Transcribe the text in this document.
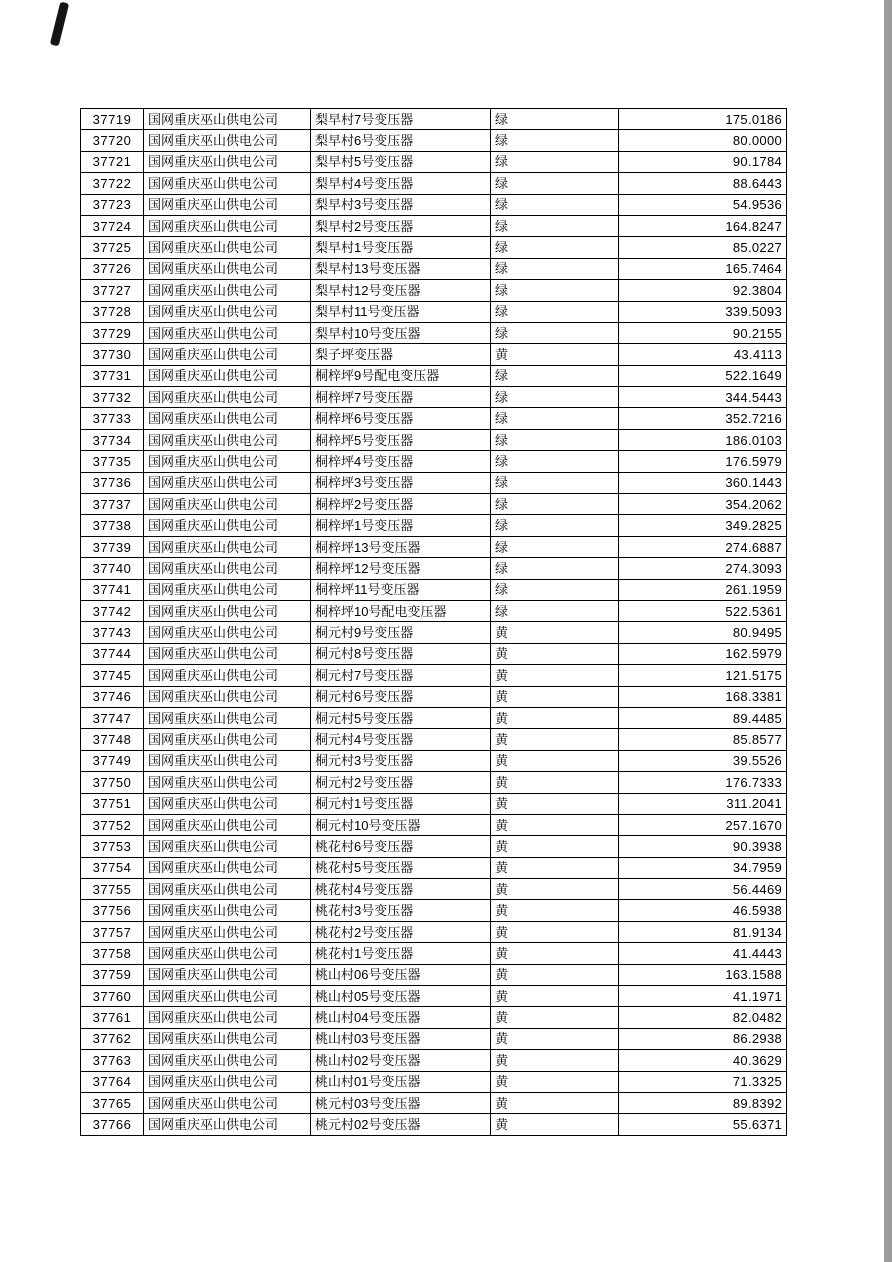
37719	国网重庆巫山供电公司	梨早村7号变压器	绿	175.0186
37720	国网重庆巫山供电公司	梨早村6号变压器	绿	80.0000
37721	国网重庆巫山供电公司	梨早村5号变压器	绿	90.1784
37722	国网重庆巫山供电公司	梨早村4号变压器	绿	88.6443
37723	国网重庆巫山供电公司	梨早村3号变压器	绿	54.9536
37724	国网重庆巫山供电公司	梨早村2号变压器	绿	164.8247
37725	国网重庆巫山供电公司	梨早村1号变压器	绿	85.0227
37726	国网重庆巫山供电公司	梨早村13号变压器	绿	165.7464
37727	国网重庆巫山供电公司	梨早村12号变压器	绿	92.3804
37728	国网重庆巫山供电公司	梨早村11号变压器	绿	339.5093
37729	国网重庆巫山供电公司	梨早村10号变压器	绿	90.2155
37730	国网重庆巫山供电公司	梨子坪变压器	黄	43.4113
37731	国网重庆巫山供电公司	桐梓坪9号配电变压器	绿	522.1649
37732	国网重庆巫山供电公司	桐梓坪7号变压器	绿	344.5443
37733	国网重庆巫山供电公司	桐梓坪6号变压器	绿	352.7216
37734	国网重庆巫山供电公司	桐梓坪5号变压器	绿	186.0103
37735	国网重庆巫山供电公司	桐梓坪4号变压器	绿	176.5979
37736	国网重庆巫山供电公司	桐梓坪3号变压器	绿	360.1443
37737	国网重庆巫山供电公司	桐梓坪2号变压器	绿	354.2062
37738	国网重庆巫山供电公司	桐梓坪1号变压器	绿	349.2825
37739	国网重庆巫山供电公司	桐梓坪13号变压器	绿	274.6887
37740	国网重庆巫山供电公司	桐梓坪12号变压器	绿	274.3093
37741	国网重庆巫山供电公司	桐梓坪11号变压器	绿	261.1959
37742	国网重庆巫山供电公司	桐梓坪10号配电变压器	绿	522.5361
37743	国网重庆巫山供电公司	桐元村9号变压器	黄	80.9495
37744	国网重庆巫山供电公司	桐元村8号变压器	黄	162.5979
37745	国网重庆巫山供电公司	桐元村7号变压器	黄	121.5175
37746	国网重庆巫山供电公司	桐元村6号变压器	黄	168.3381
37747	国网重庆巫山供电公司	桐元村5号变压器	黄	89.4485
37748	国网重庆巫山供电公司	桐元村4号变压器	黄	85.8577
37749	国网重庆巫山供电公司	桐元村3号变压器	黄	39.5526
37750	国网重庆巫山供电公司	桐元村2号变压器	黄	176.7333
37751	国网重庆巫山供电公司	桐元村1号变压器	黄	311.2041
37752	国网重庆巫山供电公司	桐元村10号变压器	黄	257.1670
37753	国网重庆巫山供电公司	桃花村6号变压器	黄	90.3938
37754	国网重庆巫山供电公司	桃花村5号变压器	黄	34.7959
37755	国网重庆巫山供电公司	桃花村4号变压器	黄	56.4469
37756	国网重庆巫山供电公司	桃花村3号变压器	黄	46.5938
37757	国网重庆巫山供电公司	桃花村2号变压器	黄	81.9134
37758	国网重庆巫山供电公司	桃花村1号变压器	黄	41.4443
37759	国网重庆巫山供电公司	桃山村06号变压器	黄	163.1588
37760	国网重庆巫山供电公司	桃山村05号变压器	黄	41.1971
37761	国网重庆巫山供电公司	桃山村04号变压器	黄	82.0482
37762	国网重庆巫山供电公司	桃山村03号变压器	黄	86.2938
37763	国网重庆巫山供电公司	桃山村02号变压器	黄	40.3629
37764	国网重庆巫山供电公司	桃山村01号变压器	黄	71.3325
37765	国网重庆巫山供电公司	桃元村03号变压器	黄	89.8392
37766	国网重庆巫山供电公司	桃元村02号变压器	黄	55.6371
